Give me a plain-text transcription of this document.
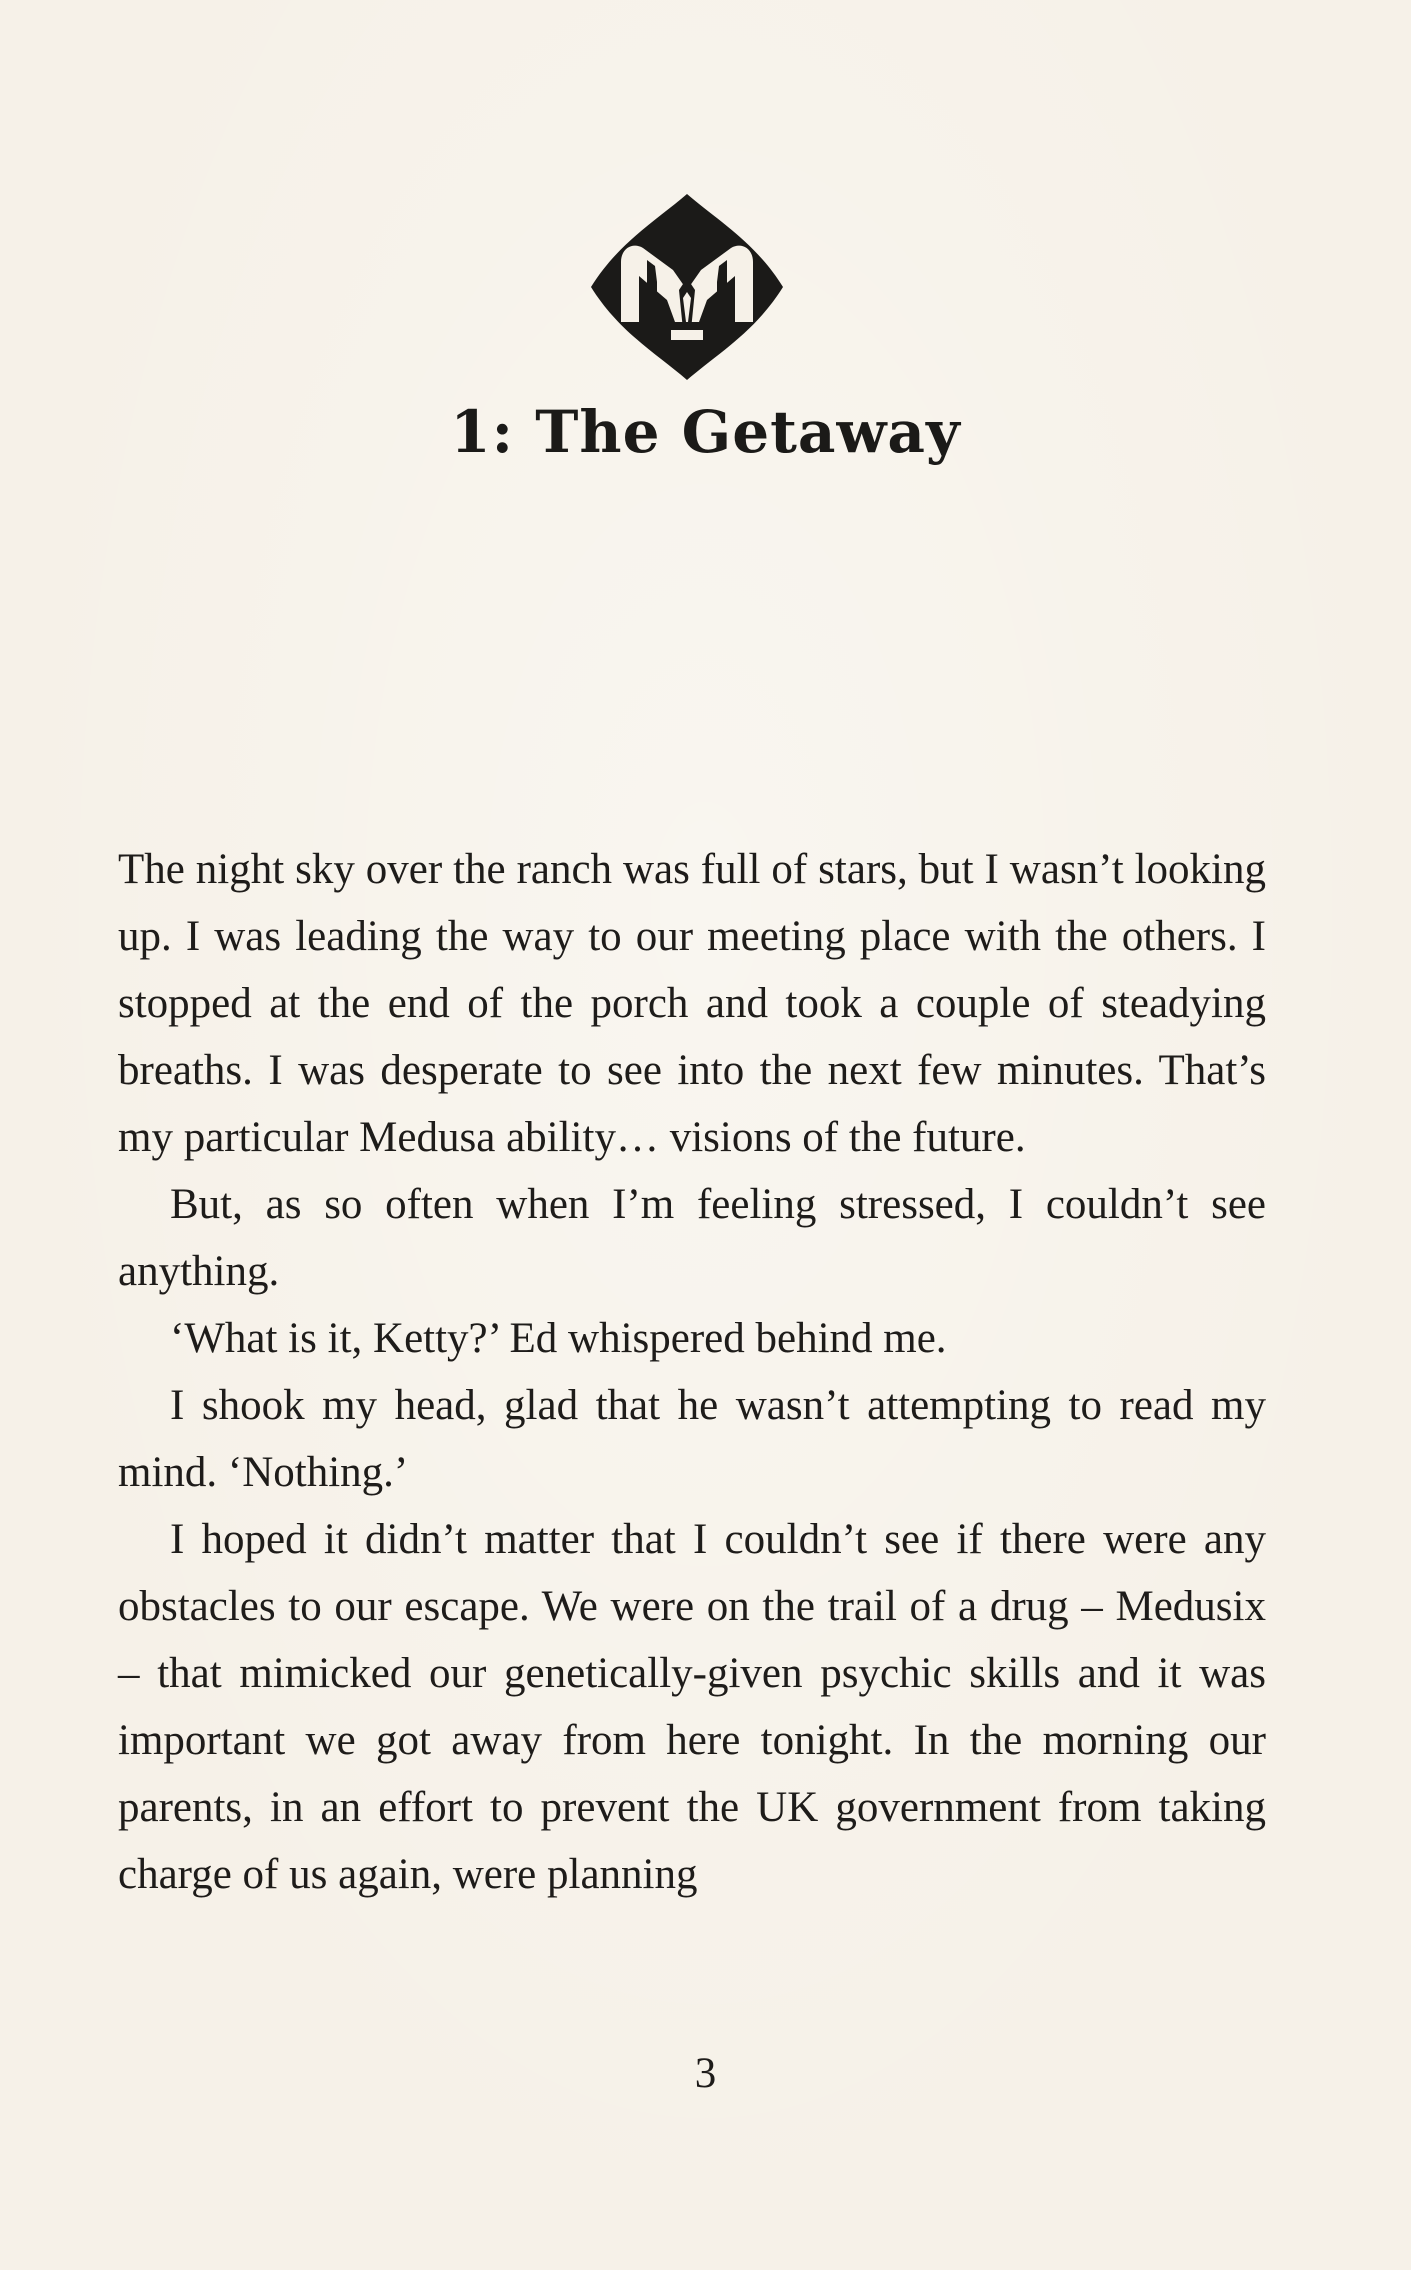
1: The Getaway

The night sky over the ranch was full of stars, but I wasn’t looking up. I was leading the way to our meeting place with the others. I stopped at the end of the porch and took a couple of steadying breaths. I was desperate to see into the next few minutes. That’s my particular Medusa ability… visions of the future.

But, as so often when I’m feeling stressed, I couldn’t see anything.

‘What is it, Ketty?’ Ed whispered behind me.

I shook my head, glad that he wasn’t attempting to read my mind. ‘Nothing.’

I hoped it didn’t matter that I couldn’t see if there were any obstacles to our escape. We were on the trail of a drug – Medusix – that mimicked our genetically-given psychic skills and it was important we got away from here tonight. In the morning our parents, in an effort to prevent the UK government from taking charge of us again, were planning

3
